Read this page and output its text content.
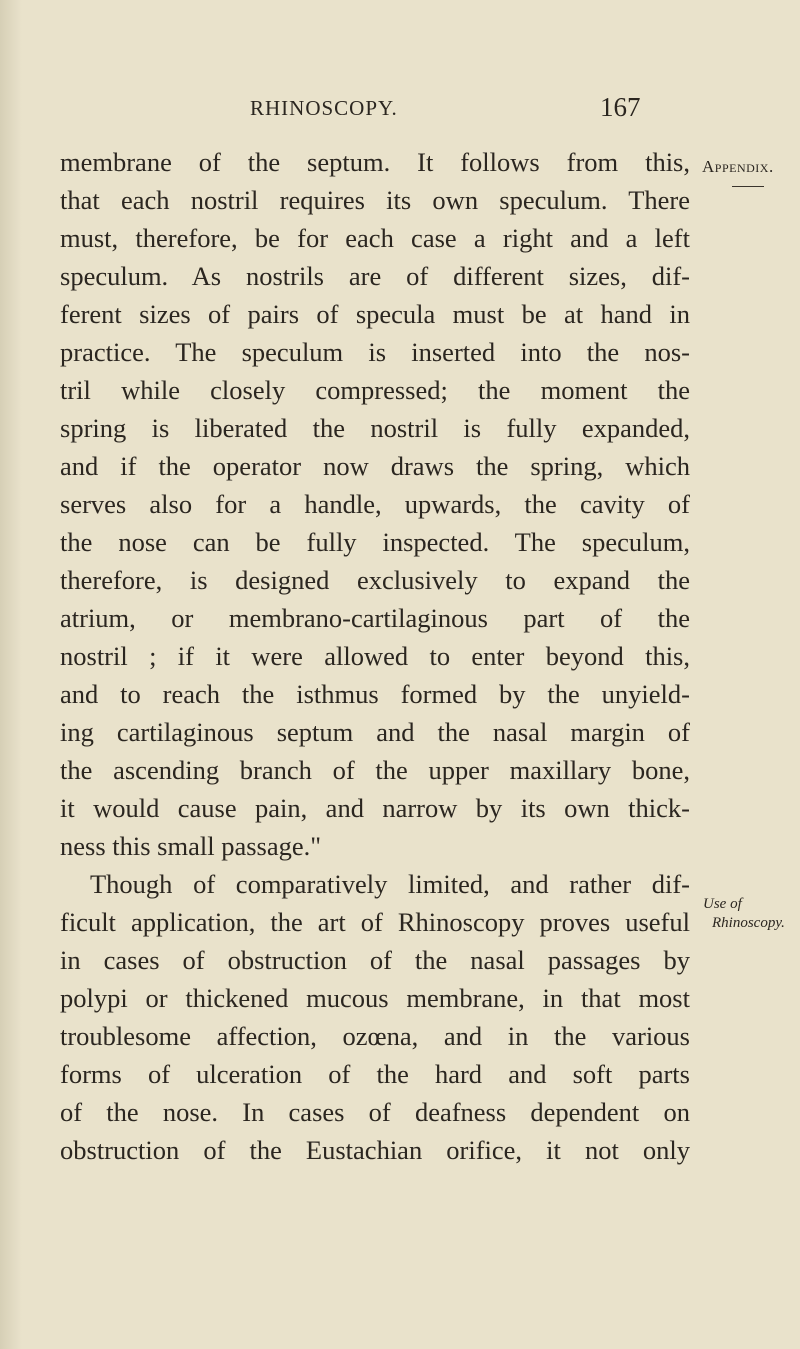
RHINOSCOPY.	167
Appendix.
Use of
Rhinoscopy.
membrane of the septum. It follows from this,
that each nostril requires its own speculum. There
must, therefore, be for each case a right and a left
speculum. As nostrils are of different sizes, dif-
ferent sizes of pairs of specula must be at hand in
practice. The speculum is inserted into the nos-
tril while closely compressed; the moment the
spring is liberated the nostril is fully expanded,
and if the operator now draws the spring, which
serves also for a handle, upwards, the cavity of
the nose can be fully inspected. The speculum,
therefore, is designed exclusively to expand the
atrium, or membrano-cartilaginous part of the
nostril ; if it were allowed to enter beyond this,
and to reach the isthmus formed by the unyield-
ing cartilaginous septum and the nasal margin of
the ascending branch of the upper maxillary bone,
it would cause pain, and narrow by its own thick-
ness this small passage."
Though of comparatively limited, and rather dif-
ficult application, the art of Rhinoscopy proves useful
in cases of obstruction of the nasal passages by
polypi or thickened mucous membrane, in that most
troublesome affection, ozœna, and in the various
forms of ulceration of the hard and soft parts
of the nose. In cases of deafness dependent on
obstruction of the Eustachian orifice, it not only
